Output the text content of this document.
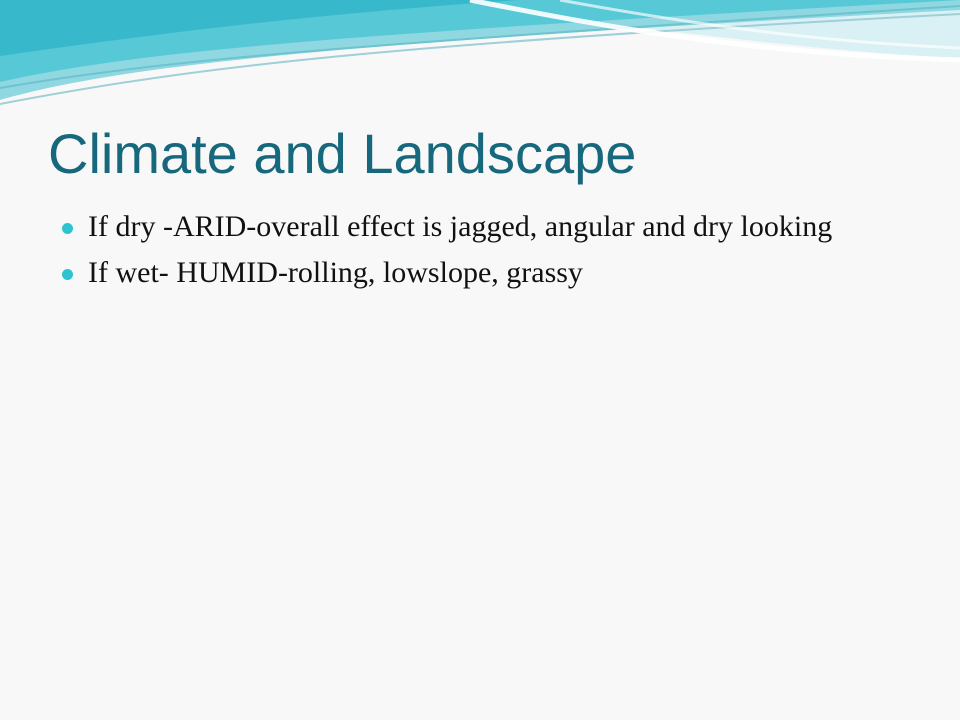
Climate and Landscape
If dry -ARID-overall effect is jagged, angular and dry looking
If wet- HUMID-rolling, lowslope, grassy
